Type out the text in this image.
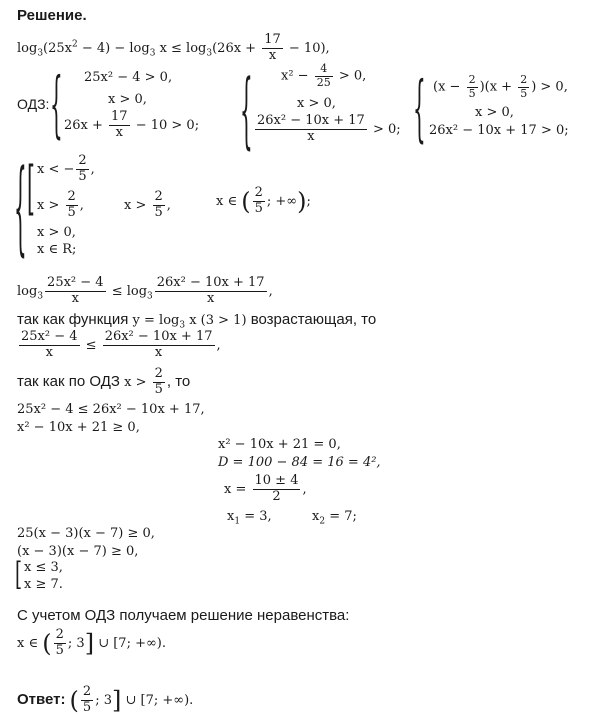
Решение.
$\log_3(25x^2 - 4) - \log_3 x \le \log_3(26x + \frac{17}{x} - 10)$,
ОДЗ: { 25x² − 4 > 0,
x > 0,
$26x + \frac{17}{x} - 10 > 0$; { $x^2 - \frac{4}{25} > 0$,
x > 0,
$\frac{\text{26x² − 10x + 17}}{x} > 0$; { $(x - \frac{2}{5} )(x + \frac{2}{5}$ ) > 0,
x > 0,
26x² − 10x + 17 > 0;
{ [ x < − $\frac{2}{5}$ ,
$x > \frac{2}{5}$ ,
x > 0,
x ∈ R;
$x > \frac{2}{5}$ ,	x ∈ ( $\frac{2}{5}$ ; +∞);
$\log_3 \frac{\text{25x² − 4}}{x} \le \log_3 \frac{\text{26x² − 10x + 17}}{x}$ ,
так как функция $y = \log_3 x$ (3 > 1) возрастающая, то
$\frac{\text{25x² − 4}}{x} \le \frac{\text{26x² − 10x + 17}}{x}$ ,
так как по ОДЗ $x > \frac{2}{5}$ , то
25x² − 4 ≤ 26x² − 10x + 17,
x² − 10x + 21 ≥ 0,
x² − 10x + 21 = 0,
D = 100 − 84 = 16 = 4²,
$x = \frac{10 \pm 4}{2}$ ,
$x_1 = 3$,	$x_2 = 7$;
25(x − 3)(x − 7) ≥ 0,
(x − 3)(x − 7) ≥ 0,
[ x ≤ 3,
x ≥ 7.
С учетом ОДЗ получаем решение неравенства:
x ∈ ( $\frac{2}{5}$ ; 3] ∪ [7; +∞).
Ответ: ( $\frac{2}{5}$ ; 3] ∪ [7; +∞).
